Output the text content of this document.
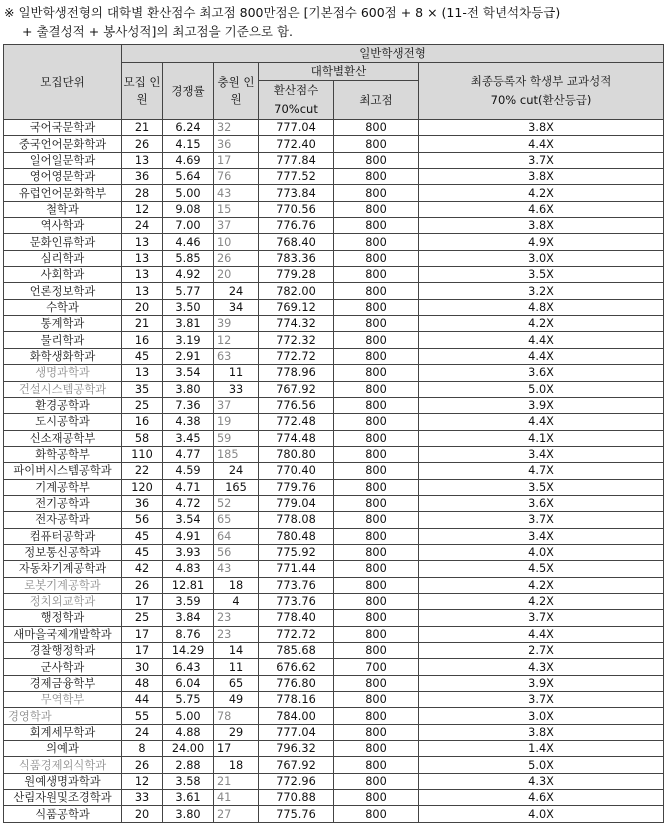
※ 일반학생전형의 대학별 환산점수 최고점 800만점은 [기본점수 600점 + 8 × (11-전 학년석차등급)
+ 출결성적 + 봉사성적]의 최고점을 기준으로 함.
모집단위	일반학생전형					
	모집 인원	경쟁률	충원 인원	대학별환산		최종등록자 학생부 교과성적 70% cut(환산등급)
				환산점수 70%cut	최고점	
국어국문학과	21	6.24	32	777.04	800	3.8X
중국언어문화학과	26	4.15	36	772.40	800	4.4X
일어일문학과	13	4.69	17	777.84	800	3.7X
영어영문학과	36	5.64	76	777.52	800	3.8X
유럽언어문화학부	28	5.00	43	773.84	800	4.2X
철학과	12	9.08	15	770.56	800	4.6X
역사학과	24	7.00	37	776.76	800	3.8X
문화인류학과	13	4.46	10	768.40	800	4.9X
심리학과	13	5.85	26	783.36	800	3.0X
사회학과	13	4.92	20	779.28	800	3.5X
언론정보학과	13	5.77	24	782.00	800	3.2X
수학과	20	3.50	34	769.12	800	4.8X
통계학과	21	3.81	39	774.32	800	4.2X
물리학과	16	3.19	12	772.32	800	4.4X
화학생화학과	45	2.91	63	772.72	800	4.4X
생명과학과	13	3.54	11	778.96	800	3.6X
건설시스템공학과	35	3.80	33	767.92	800	5.0X
환경공학과	25	7.36	37	776.56	800	3.9X
도시공학과	16	4.38	19	772.48	800	4.4X
신소재공학부	58	3.45	59	774.48	800	4.1X
화학공학부	110	4.77	185	780.80	800	3.4X
파이버시스템공학과	22	4.59	24	770.40	800	4.7X
기계공학부	120	4.71	165	779.76	800	3.5X
전기공학과	36	4.72	52	779.04	800	3.6X
전자공학과	56	3.54	65	778.08	800	3.7X
컴퓨터공학과	45	4.91	64	780.48	800	3.4X
정보통신공학과	45	3.93	56	775.92	800	4.0X
자동차기계공학과	42	4.83	43	771.44	800	4.5X
로봇기계공학과	26	12.81	18	773.76	800	4.2X
정치외교학과	17	3.59	4	773.76	800	4.2X
행정학과	25	3.84	23	778.40	800	3.7X
새마을국제개발학과	17	8.76	23	772.72	800	4.4X
경찰행정학과	17	14.29	14	785.68	800	2.7X
군사학과	30	6.43	11	676.62	700	4.3X
경제금융학부	48	6.04	65	776.80	800	3.9X
무역학부	44	5.75	49	778.16	800	3.7X
경영학과	55	5.00	78	784.00	800	3.0X
회계세무학과	24	4.88	29	777.04	800	3.8X
의예과	8	24.00	17	796.32	800	1.4X
식품경제외식학과	26	2.88	18	767.92	800	5.0X
원예생명과학과	12	3.58	21	772.96	800	4.3X
산림자원및조경학과	33	3.61	41	770.88	800	4.6X
식품공학과	20	3.80	27	775.76	800	4.0X
